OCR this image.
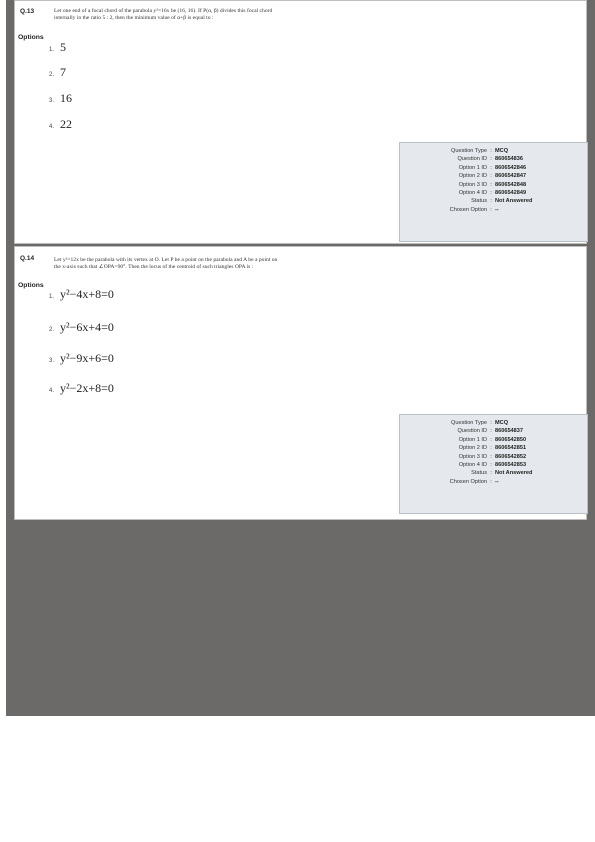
Q.13	Let one end of a focal chord of the parabola y²=16x be (16, 16). If P(α, β) divides this focal chord
internally in the ratio 5 : 2, then the minimum value of α+β is equal to :
Options
1. 5
2. 7
3. 16
4. 22
Question Type : MCQ
Question ID : 860654836
Option 1 ID : 8606542846
Option 2 ID : 8606542847
Option 3 ID : 8606542848
Option 4 ID : 8606542849
Status : Not Answered
Chosen Option : --
Q.14	Let y²=12x be the parabola with its vertex at O. Let P be a point on the parabola and A be a point on
the x-axis such that ∠OPA=90°. Then the locus of the centroid of such triangles OPA is :
Options
1. y²−4x+8=0
2. y²−6x+4=0
3. y²−9x+6=0
4. y²−2x+8=0
Question Type : MCQ
Question ID : 860654837
Option 1 ID : 8606542850
Option 2 ID : 8606542851
Option 3 ID : 8606542852
Option 4 ID : 8606542853
Status : Not Answered
Chosen Option : --
